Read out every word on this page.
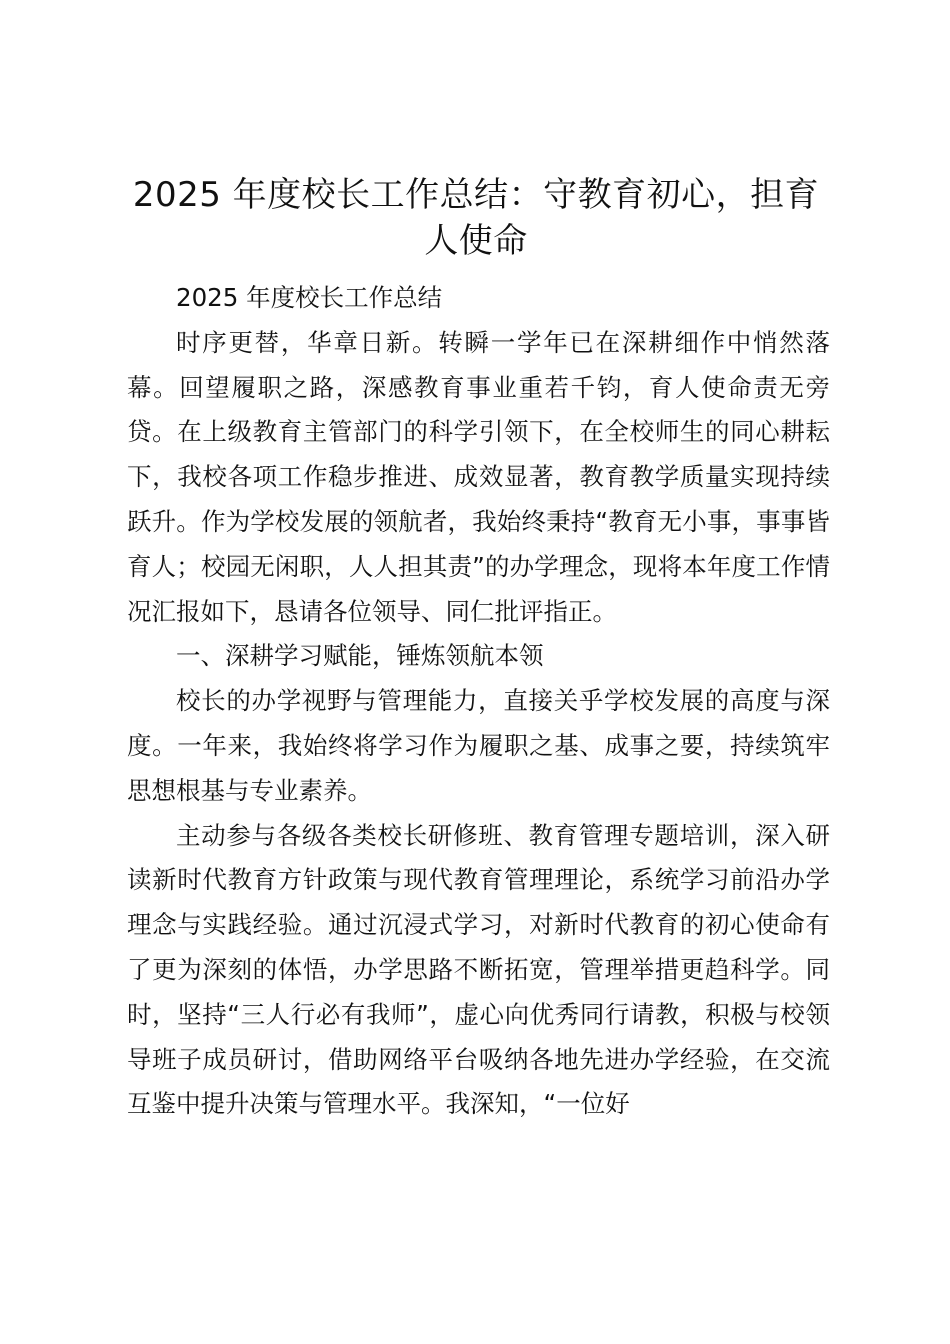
2025 年度校长工作总结：守教育初心，担育人使命

2025 年度校长工作总结

时序更替，华章日新。转瞬一学年已在深耕细作中悄然落幕。回望履职之路，深感教育事业重若千钧，育人使命责无旁贷。在上级教育主管部门的科学引领下，在全校师生的同心耕耘下，我校各项工作稳步推进、成效显著，教育教学质量实现持续跃升。作为学校发展的领航者，我始终秉持“教育无小事，事事皆育人；校园无闲职，人人担其责”的办学理念，现将本年度工作情况汇报如下，恳请各位领导、同仁批评指正。

一、深耕学习赋能，锤炼领航本领

校长的办学视野与管理能力，直接关乎学校发展的高度与深度。一年来，我始终将学习作为履职之基、成事之要，持续筑牢思想根基与专业素养。

主动参与各级各类校长研修班、教育管理专题培训，深入研读新时代教育方针政策与现代教育管理理论，系统学习前沿办学理念与实践经验。通过沉浸式学习，对新时代教育的初心使命有了更为深刻的体悟，办学思路不断拓宽，管理举措更趋科学。同时，坚持“三人行必有我师”，虚心向优秀同行请教，积极与校领导班子成员研讨，借助网络平台吸纳各地先进办学经验，在交流互鉴中提升决策与管理水平。我深知，“一位好
